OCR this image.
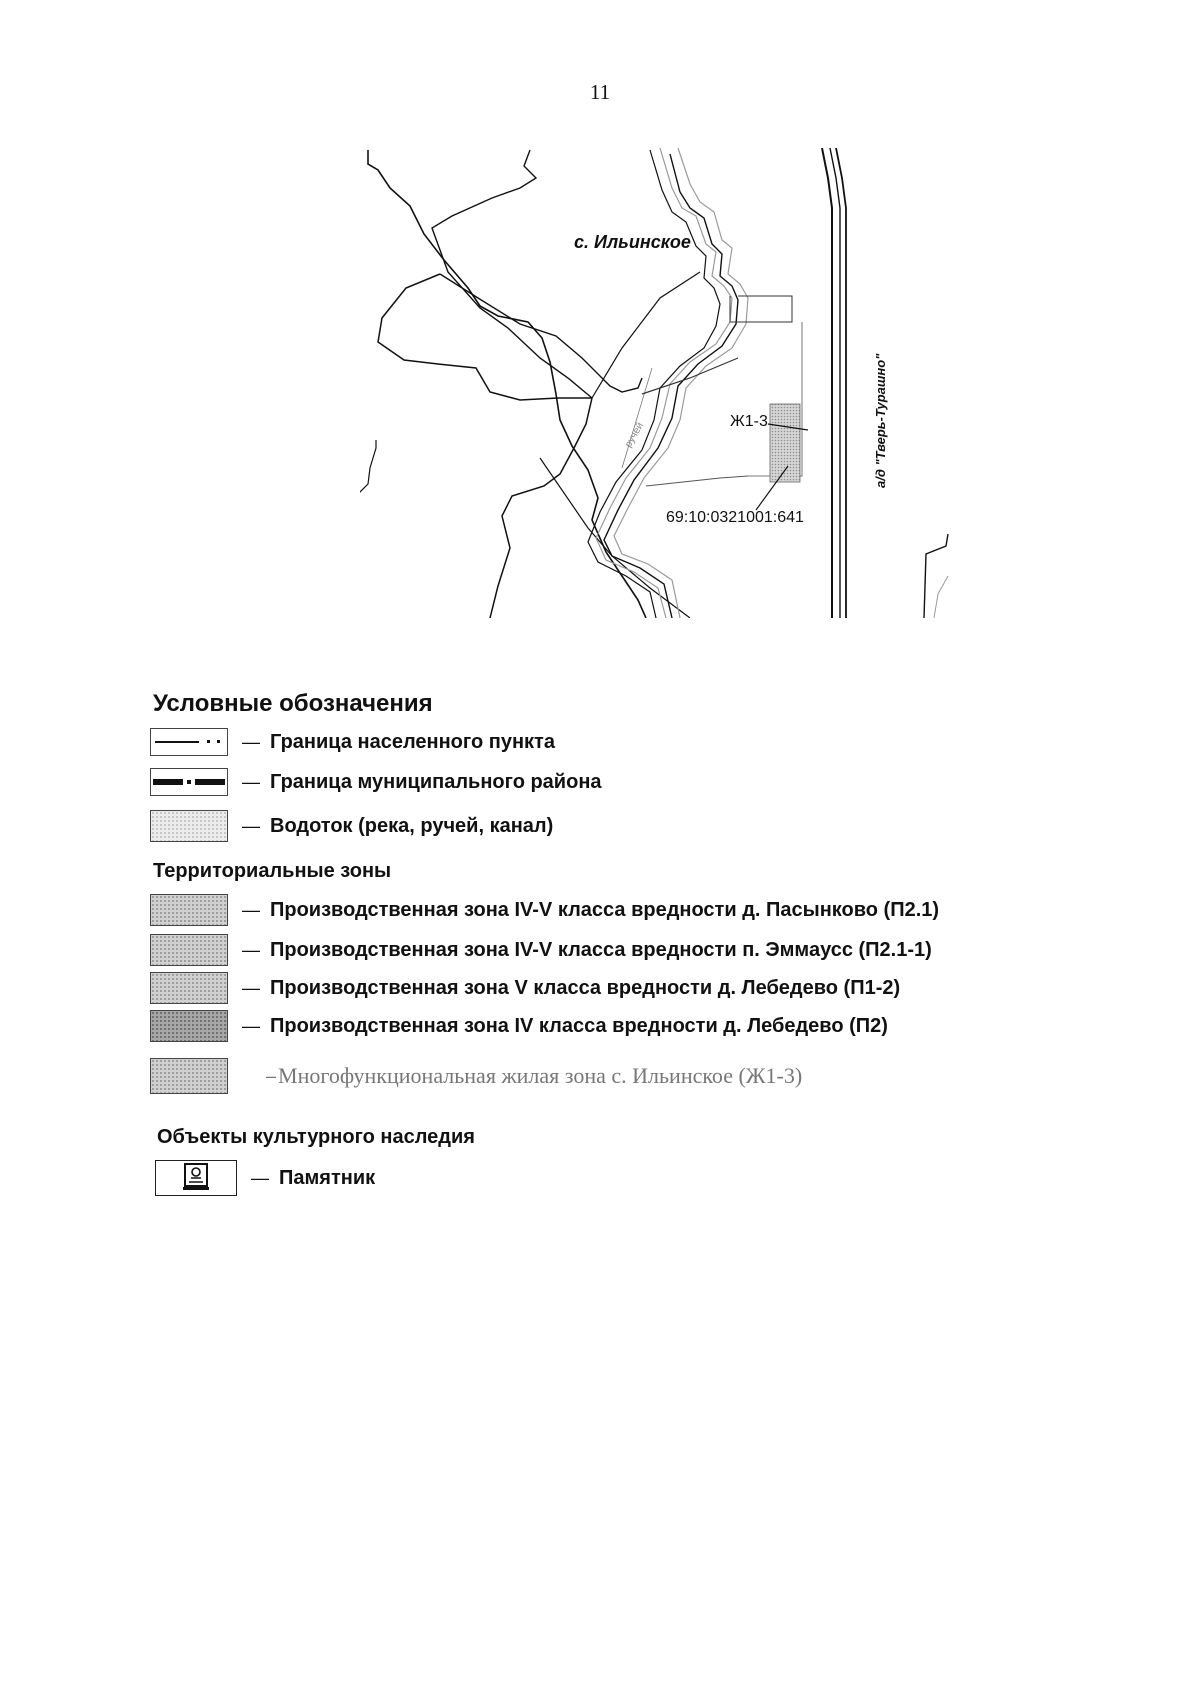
11
с. Ильинское
Ж1-3
69:10:0321001:641
а/д "Тверь-Турашно"
ручей
Условные обозначения
— Граница населенного пункта
— Граница муниципального района
— Водоток (река, ручей, канал)
Территориальные зоны
— Производственная зона IV-V класса вредности д. Пасынково (П2.1)
— Производственная зона IV-V класса вредности п. Эммаусс (П2.1-1)
— Производственная зона V класса вредности д. Лебедево (П1-2)
— Производственная зона IV класса вредности д. Лебедево (П2)
– Многофункциональная жилая зона с. Ильинское (Ж1-3)
Объекты культурного наследия
— Памятник
